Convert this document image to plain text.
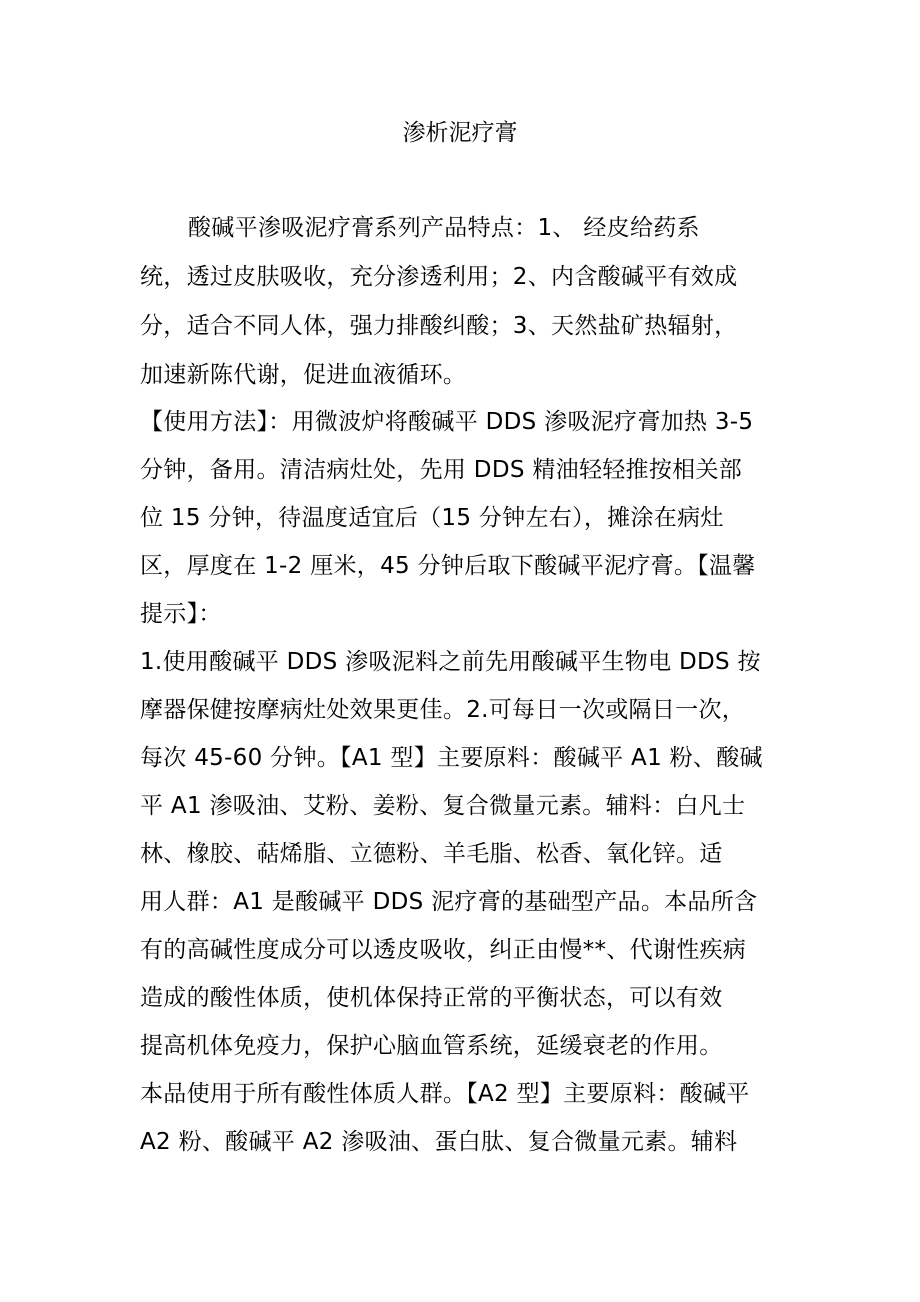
渗析泥疗膏
酸碱平渗吸泥疗膏系列产品特点：1、 经皮给药系
统，透过皮肤吸收，充分渗透利用；2、内含酸碱平有效成
分，适合不同人体，强力排酸纠酸；3、天然盐矿热辐射，
加速新陈代谢，促进血液循环。
【使用方法】：用微波炉将酸碱平 DDS 渗吸泥疗膏加热 3-5
分钟，备用。清洁病灶处，先用 DDS 精油轻轻推按相关部
位 15 分钟，待温度适宜后（15 分钟左右），摊涂在病灶
区，厚度在 1-2 厘米，45 分钟后取下酸碱平泥疗膏。【温馨
提示】：
1.使用酸碱平 DDS 渗吸泥料之前先用酸碱平生物电 DDS 按
摩器保健按摩病灶处效果更佳。2.可每日一次或隔日一次，
每次 45-60 分钟。【A1 型】主要原料：酸碱平 A1 粉、酸碱
平 A1 渗吸油、艾粉、姜粉、复合微量元素。辅料：白凡士
林、橡胶、萜烯脂、立德粉、羊毛脂、松香、氧化锌。适
用人群：A1 是酸碱平 DDS 泥疗膏的基础型产品。本品所含
有的高碱性度成分可以透皮吸收，纠正由慢**、代谢性疾病
造成的酸性体质，使机体保持正常的平衡状态，可以有效
提高机体免疫力，保护心脑血管系统，延缓衰老的作用。
本品使用于所有酸性体质人群。【A2 型】主要原料：酸碱平
A2 粉、酸碱平 A2 渗吸油、蛋白肽、复合微量元素。辅料
